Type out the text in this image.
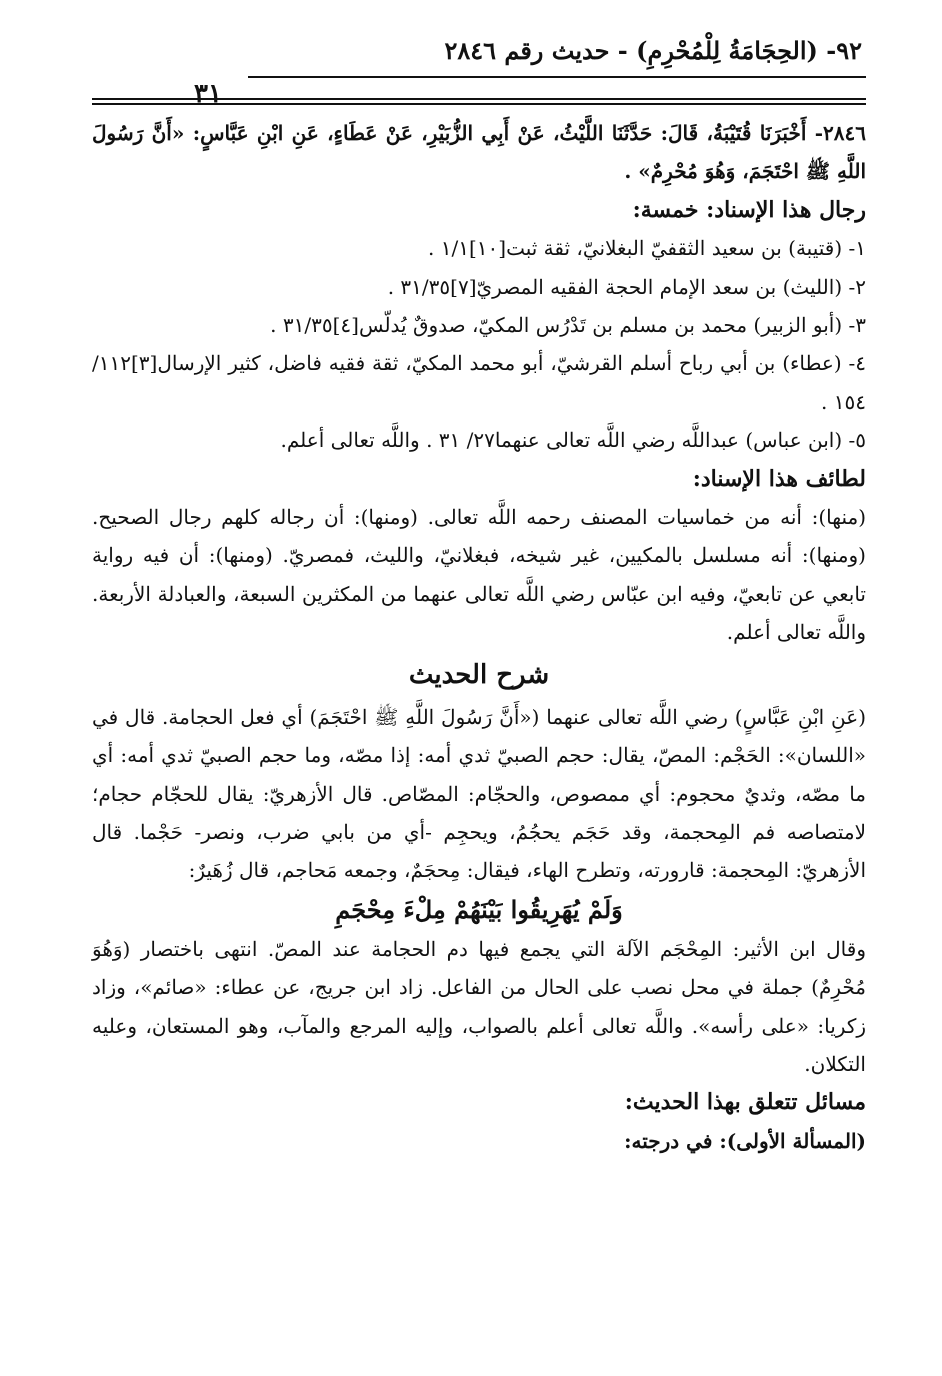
٩٢- (الحِجَامَةُ لِلْمُحْرِمِ) - حديث رقم ٢٨٤٦
٣١

٢٨٤٦- أَخْبَرَنَا قُتَيْبَةُ، قَالَ: حَدَّثَنَا اللَّيْثُ، عَنْ أَبِي الزُّبَيْرِ، عَنْ عَطَاءٍ، عَنِ ابْنِ عَبَّاسٍ: «أَنَّ رَسُولَ اللَّهِ ﷺ احْتَجَمَ، وَهُوَ مُحْرِمٌ» .

رجال هذا الإسناد: خمسة:

١- (قتيبة) بن سعيد الثقفيّ البغلانيّ، ثقة ثبت[١٠]١/١ .

٢- (الليث) بن سعد الإمام الحجة الفقيه المصريّ[٧]٣١/٣٥ .

٣- (أبو الزبير) محمد بن مسلم بن تَدْرُس المكيّ، صدوقٌ يُدلّس[٤]٣١/٣٥ .

٤- (عطاء) بن أبي رباح أسلم القرشيّ، أبو محمد المكيّ، ثقة فقيه فاضل، كثير الإرسال[٣]١١٢/ ١٥٤ .

٥- (ابن عباس) عبداللَّه رضي اللَّه تعالى عنهما٢٧/ ٣١ . واللَّه تعالى أعلم.

لطائف هذا الإسناد:

(منها): أنه من خماسيات المصنف رحمه اللَّه تعالى. (ومنها): أن رجاله كلهم رجال الصحيح. (ومنها): أنه مسلسل بالمكيين، غير شيخه، فبغلانيّ، والليث، فمصريّ. (ومنها): أن فيه رواية تابعي عن تابعيّ، وفيه ابن عبّاس رضي اللَّه تعالى عنهما من المكثرين السبعة، والعبادلة الأربعة. واللَّه تعالى أعلم.

شرح الحديث

(عَنِ ابْنِ عَبَّاسٍ) رضي اللَّه تعالى عنهما («أَنَّ رَسُولَ اللَّهِ ﷺ احْتَجَمَ) أي فعل الحجامة. قال في «اللسان»: الحَجْم: المصّ، يقال: حجم الصبيّ ثدي أمه: إذا مصّه، وما حجم الصبيّ ثدي أمه: أي ما مصّه، وثديٌ محجوم: أي ممصوص، والحجّام: المصّاص. قال الأزهريّ: يقال للحجّام حجام؛ لامتصاصه فم المِحجمة، وقد حَجَم يحجُمُ، ويحجِم -أي من بابي ضرب، ونصر- حَجْما. قال الأزهريّ: المِحجمة: قارورته، وتطرح الهاء، فيقال: مِحجَمٌ، وجمعه مَحاجم، قال زُهَيرٌ:

وَلَمْ يُهَرِيقُوا بَيْنَهُمْ مِلْءَ مِحْجَمِ

وقال ابن الأثير: المِحْجَم الآلة التي يجمع فيها دم الحجامة عند المصّ. انتهى باختصار (وَهُوَ مُحْرِمٌ) جملة في محل نصب على الحال من الفاعل. زاد ابن جريج، عن عطاء: «صائم»، وزاد زكريا: «على رأسه». واللَّه تعالى أعلم بالصواب، وإليه المرجع والمآب، وهو المستعان، وعليه التكلان.

مسائل تتعلق بهذا الحديث:

(المسألة الأولى): في درجته:
